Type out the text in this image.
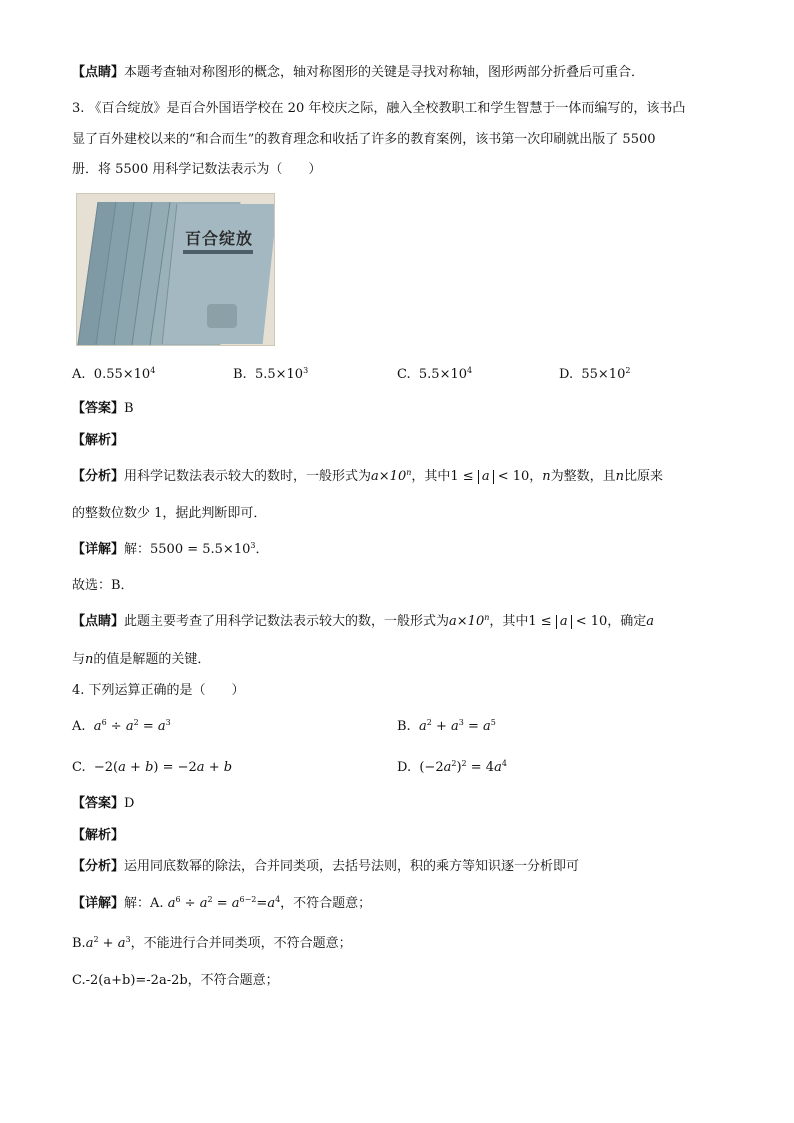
【点睛】本题考查轴对称图形的概念，轴对称图形的关键是寻找对称轴，图形两部分折叠后可重合．
3. 《百合绽放》是百合外国语学校在 20 年校庆之际，融入全校教职工和学生智慧于一体而编写的，该书凸
显了百外建校以来的“和合而生”的教育理念和收括了许多的教育案例，该书第一次印刷就出版了 5500
册．将 5500 用科学记数法表示为（　　）
百合绽放
A. $0.55\times 10^4$	B. $5.5\times 10^3$	C. $5.5\times 10^4$	D. $55\times 10^2$
【答案】B
【解析】
【分析】用科学记数法表示较大的数时，一般形式为$a\times 10^n$，其中1 ≤ a < 10，n为整数，且n比原来
的整数位数少 1，据此判断即可．
【详解】解：$5500 = 5.5\times 10^3$．
故选：B．
【点睛】此题主要考查了用科学记数法表示较大的数，一般形式为$a\times 10^n$，其中1 ≤ a < 10，确定a
与n的值是解题的关键．
4. 下列运算正确的是（　　）
A. $a^6 \div a^2 = a^3$	B. $a^2 + a^3 = a^5$
C.  −2(a + b) = −2a + b	D.  $(-2a^2)^2 = 4a^4$
【答案】D
【解析】
【分析】运用同底数幂的除法，合并同类项，去括号法则，积的乘方等知识逐一分析即可
【详解】解：A. $a^6 \div a^2 = a^{6-2}=a^4$，不符合题意；
$B.a^2 + a^3$，不能进行合并同类项，不符合题意；
C.-2(a+b)=-2a-2b，不符合题意；
